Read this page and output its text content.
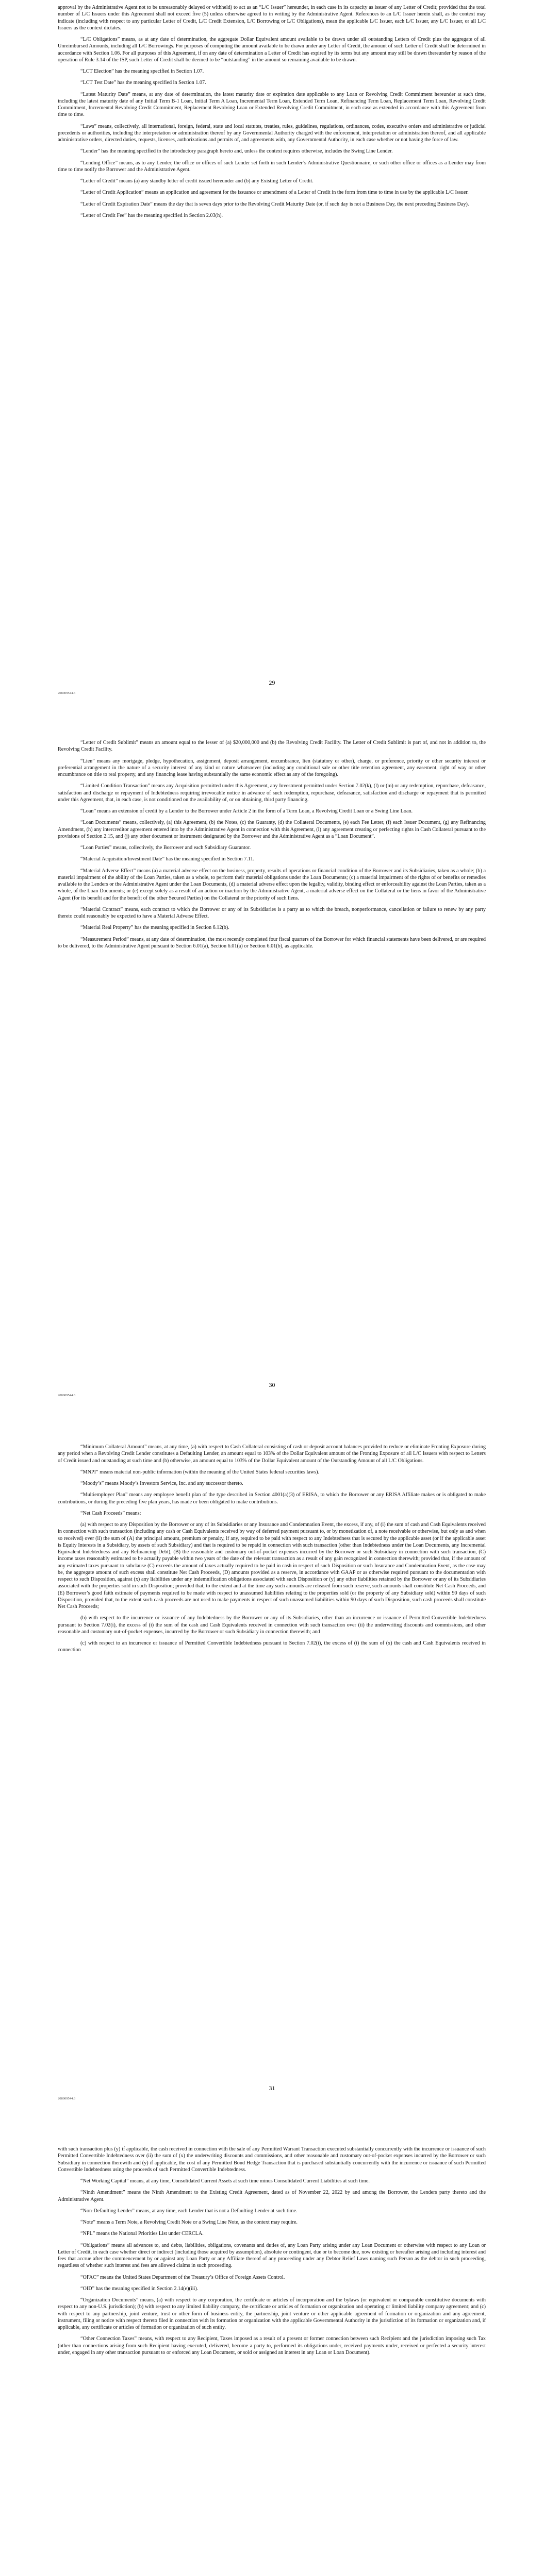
approval by the Administrative Agent not to be unreasonably delayed or withheld) to act as an “L/C Issuer” hereunder, in each case in its capacity as issuer of any Letter of Credit; provided that the total number of L/C Issuers under this Agreement shall not exceed five (5) unless otherwise agreed to in writing by the Administrative Agent. References to an L/C Issuer herein shall, as the context may indicate (including with respect to any particular Letter of Credit, L/C Credit Extension, L/C Borrowing or L/C Obligations), mean the applicable L/C Issuer, each L/C Issuer, any L/C Issuer, or all L/C Issuers as the context dictates.

“L/C Obligations” means, as at any date of determination, the aggregate Dollar Equivalent amount available to be drawn under all outstanding Letters of Credit plus the aggregate of all Unreimbursed Amounts, including all L/C Borrowings. For purposes of computing the amount available to be drawn under any Letter of Credit, the amount of such Letter of Credit shall be determined in accordance with Section 1.06. For all purposes of this Agreement, if on any date of determination a Letter of Credit has expired by its terms but any amount may still be drawn thereunder by reason of the operation of Rule 3.14 of the ISP, such Letter of Credit shall be deemed to be “outstanding” in the amount so remaining available to be drawn.

“LCT Election” has the meaning specified in Section 1.07.

“LCT Test Date” has the meaning specified in Section 1.07.

“Latest Maturity Date” means, at any date of determination, the latest maturity date or expiration date applicable to any Loan or Revolving Credit Commitment hereunder at such time, including the latest maturity date of any Initial Term B-1 Loan, Initial Term A Loan, Incremental Term Loan, Extended Term Loan, Refinancing Term Loan, Replacement Term Loan, Revolving Credit Commitment, Incremental Revolving Credit Commitment, Replacement Revolving Loan or Extended Revolving Credit Commitment, in each case as extended in accordance with this Agreement from time to time.

“Laws” means, collectively, all international, foreign, federal, state and local statutes, treaties, rules, guidelines, regulations, ordinances, codes, executive orders and administrative or judicial precedents or authorities, including the interpretation or administration thereof by any Governmental Authority charged with the enforcement, interpretation or administration thereof, and all applicable administrative orders, directed duties, requests, licenses, authorizations and permits of, and agreements with, any Governmental Authority, in each case whether or not having the force of law.

“Lender” has the meaning specified in the introductory paragraph hereto and, unless the context requires otherwise, includes the Swing Line Lender.

“Lending Office” means, as to any Lender, the office or offices of such Lender set forth in such Lender’s Administrative Questionnaire, or such other office or offices as a Lender may from time to time notify the Borrower and the Administrative Agent.

“Letter of Credit” means (a) any standby letter of credit issued hereunder and (b) any Existing Letter of Credit.

“Letter of Credit Application” means an application and agreement for the issuance or amendment of a Letter of Credit in the form from time to time in use by the applicable L/C Issuer.

“Letter of Credit Expiration Date” means the day that is seven days prior to the Revolving Credit Maturity Date (or, if such day is not a Business Day, the next preceding Business Day).

“Letter of Credit Fee” has the meaning specified in Section 2.03(h).

29
208009544.6

“Letter of Credit Sublimit” means an amount equal to the lesser of (a) $20,000,000 and (b) the Revolving Credit Facility. The Letter of Credit Sublimit is part of, and not in addition to, the Revolving Credit Facility.

“Lien” means any mortgage, pledge, hypothecation, assignment, deposit arrangement, encumbrance, lien (statutory or other), charge, or preference, priority or other security interest or preferential arrangement in the nature of a security interest of any kind or nature whatsoever (including any conditional sale or other title retention agreement, any easement, right of way or other encumbrance on title to real property, and any financing lease having substantially the same economic effect as any of the foregoing).

“Limited Condition Transaction” means any Acquisition permitted under this Agreement, any Investment permitted under Section 7.02(k), (l) or (m) or any redemption, repurchase, defeasance, satisfaction and discharge or repayment of Indebtedness requiring irrevocable notice in advance of such redemption, repurchase, defeasance, satisfaction and discharge or repayment that is permitted under this Agreement, that, in each case, is not conditioned on the availability of, or on obtaining, third party financing.

“Loan” means an extension of credit by a Lender to the Borrower under Article 2 in the form of a Term Loan, a Revolving Credit Loan or a Swing Line Loan.

“Loan Documents” means, collectively, (a) this Agreement, (b) the Notes, (c) the Guaranty, (d) the Collateral Documents, (e) each Fee Letter, (f) each Issuer Document, (g) any Refinancing Amendment, (h) any intercreditor agreement entered into by the Administrative Agent in connection with this Agreement, (i) any agreement creating or perfecting rights in Cash Collateral pursuant to the provisions of Section 2.15, and (j) any other document or instrument designated by the Borrower and the Administrative Agent as a “Loan Document”.

“Loan Parties” means, collectively, the Borrower and each Subsidiary Guarantor.

“Material Acquisition/Investment Date” has the meaning specified in Section 7.11.

“Material Adverse Effect” means (a) a material adverse effect on the business, property, results of operations or financial condition of the Borrower and its Subsidiaries, taken as a whole; (b) a material impairment of the ability of the Loan Parties, taken as a whole, to perform their material obligations under the Loan Documents; (c) a material impairment of the rights of or benefits or remedies available to the Lenders or the Administrative Agent under the Loan Documents, (d) a material adverse effect upon the legality, validity, binding effect or enforceability against the Loan Parties, taken as a whole, of the Loan Documents; or (e) except solely as a result of an action or inaction by the Administrative Agent, a material adverse effect on the Collateral or the liens in favor of the Administrative Agent (for its benefit and for the benefit of the other Secured Parties) on the Collateral or the priority of such liens.

“Material Contract” means, each contract to which the Borrower or any of its Subsidiaries is a party as to which the breach, nonperformance, cancellation or failure to renew by any party thereto could reasonably be expected to have a Material Adverse Effect.

“Material Real Property” has the meaning specified in Section 6.12(b).

“Measurement Period” means, at any date of determination, the most recently completed four fiscal quarters of the Borrower for which financial statements have been delivered, or are required to be delivered, to the Administrative Agent pursuant to Section 6.01(a), Section 6.01(a) or Section 6.01(b), as applicable.

30
208009544.6

“Minimum Collateral Amount” means, at any time, (a) with respect to Cash Collateral consisting of cash or deposit account balances provided to reduce or eliminate Fronting Exposure during any period when a Revolving Credit Lender constitutes a Defaulting Lender, an amount equal to 103% of the Dollar Equivalent amount of the Fronting Exposure of all L/C Issuers with respect to Letters of Credit issued and outstanding at such time and (b) otherwise, an amount equal to 103% of the Dollar Equivalent amount of the Outstanding Amount of all L/C Obligations.

“MNPI” means material non-public information (within the meaning of the United States federal securities laws).

“Moody’s” means Moody’s Investors Service, Inc. and any successor thereto.

“Multiemployer Plan” means any employee benefit plan of the type described in Section 4001(a)(3) of ERISA, to which the Borrower or any ERISA Affiliate makes or is obligated to make contributions, or during the preceding five plan years, has made or been obligated to make contributions.

“Net Cash Proceeds” means:

(a) with respect to any Disposition by the Borrower or any of its Subsidiaries or any Insurance and Condemnation Event, the excess, if any, of (i) the sum of cash and Cash Equivalents received in connection with such transaction (including any cash or Cash Equivalents received by way of deferred payment pursuant to, or by monetization of, a note receivable or otherwise, but only as and when so received) over (ii) the sum of (A) the principal amount, premium or penalty, if any, required to be paid with respect to any Indebtedness that is secured by the applicable asset (or if the applicable asset is Equity Interests in a Subsidiary, by assets of such Subsidiary) and that is required to be repaid in connection with such transaction (other than Indebtedness under the Loan Documents, any Incremental Equivalent Indebtedness and any Refinancing Debt), (B) the reasonable and customary out-of-pocket expenses incurred by the Borrower or such Subsidiary in connection with such transaction, (C) income taxes reasonably estimated to be actually payable within two years of the date of the relevant transaction as a result of any gain recognized in connection therewith; provided that, if the amount of any estimated taxes pursuant to subclause (C) exceeds the amount of taxes actually required to be paid in cash in respect of such Disposition or such Insurance and Condemnation Event, as the case may be, the aggregate amount of such excess shall constitute Net Cash Proceeds, (D) amounts provided as a reserve, in accordance with GAAP or as otherwise required pursuant to the documentation with respect to such Disposition, against (x) any liabilities under any indemnification obligations associated with such Disposition or (y) any other liabilities retained by the Borrower or any of its Subsidiaries associated with the properties sold in such Disposition; provided that, to the extent and at the time any such amounts are released from such reserve, such amounts shall constitute Net Cash Proceeds, and (E) Borrower’s good faith estimate of payments required to be made with respect to unassumed liabilities relating to the properties sold (or the property of any Subsidiary sold) within 90 days of such Disposition, provided that, to the extent such cash proceeds are not used to make payments in respect of such unassumed liabilities within 90 days of such Disposition, such cash proceeds shall constitute Net Cash Proceeds;

(b) with respect to the incurrence or issuance of any Indebtedness by the Borrower or any of its Subsidiaries, other than an incurrence or issuance of Permitted Convertible Indebtedness pursuant to Section 7.02(i), the excess of (i) the sum of the cash and Cash Equivalents received in connection with such transaction over (ii) the underwriting discounts and commissions, and other reasonable and customary out-of-pocket expenses, incurred by the Borrower or such Subsidiary in connection therewith; and

(c) with respect to an incurrence or issuance of Permitted Convertible Indebtedness pursuant to Section 7.02(i), the excess of (i) the sum of (x) the cash and Cash Equivalents received in connection

31
208009544.6

with such transaction plus (y) if applicable, the cash received in connection with the sale of any Permitted Warrant Transaction executed substantially concurrently with the incurrence or issuance of such Permitted Convertible Indebtedness over (ii) the sum of (x) the underwriting discounts and commissions, and other reasonable and customary out-of-pocket expenses incurred by the Borrower or such Subsidiary in connection therewith and (y) if applicable, the cost of any Permitted Bond Hedge Transaction that is purchased substantially concurrently with the incurrence or issuance of such Permitted Convertible Indebtedness using the proceeds of such Permitted Convertible Indebtedness.

“Net Working Capital” means, at any time, Consolidated Current Assets at such time minus Consolidated Current Liabilities at such time.

“Ninth Amendment” means the Ninth Amendment to the Existing Credit Agreement, dated as of November 22, 2022 by and among the Borrower, the Lenders party thereto and the Administrative Agent.

“Non-Defaulting Lender” means, at any time, each Lender that is not a Defaulting Lender at such time.

“Note” means a Term Note, a Revolving Credit Note or a Swing Line Note, as the context may require.

“NPL” means the National Priorities List under CERCLA.

“Obligations” means all advances to, and debts, liabilities, obligations, covenants and duties of, any Loan Party arising under any Loan Document or otherwise with respect to any Loan or Letter of Credit, in each case whether direct or indirect (including those acquired by assumption), absolute or contingent, due or to become due, now existing or hereafter arising and including interest and fees that accrue after the commencement by or against any Loan Party or any Affiliate thereof of any proceeding under any Debtor Relief Laws naming such Person as the debtor in such proceeding, regardless of whether such interest and fees are allowed claims in such proceeding.

“OFAC” means the United States Department of the Treasury’s Office of Foreign Assets Control.

“OID” has the meaning specified in Section 2.14(e)(iii).

“Organization Documents” means, (a) with respect to any corporation, the certificate or articles of incorporation and the bylaws (or equivalent or comparable constitutive documents with respect to any non-U.S. jurisdiction); (b) with respect to any limited liability company, the certificate or articles of formation or organization and operating or limited liability company agreement; and (c) with respect to any partnership, joint venture, trust or other form of business entity, the partnership, joint venture or other applicable agreement of formation or organization and any agreement, instrument, filing or notice with respect thereto filed in connection with its formation or organization with the applicable Governmental Authority in the jurisdiction of its formation or organization and, if applicable, any certificate or articles of formation or organization of such entity.

“Other Connection Taxes” means, with respect to any Recipient, Taxes imposed as a result of a present or former connection between such Recipient and the jurisdiction imposing such Tax (other than connections arising from such Recipient having executed, delivered, become a party to, performed its obligations under, received payments under, received or perfected a security interest under, engaged in any other transaction pursuant to or enforced any Loan Document, or sold or assigned an interest in any Loan or Loan Document).
